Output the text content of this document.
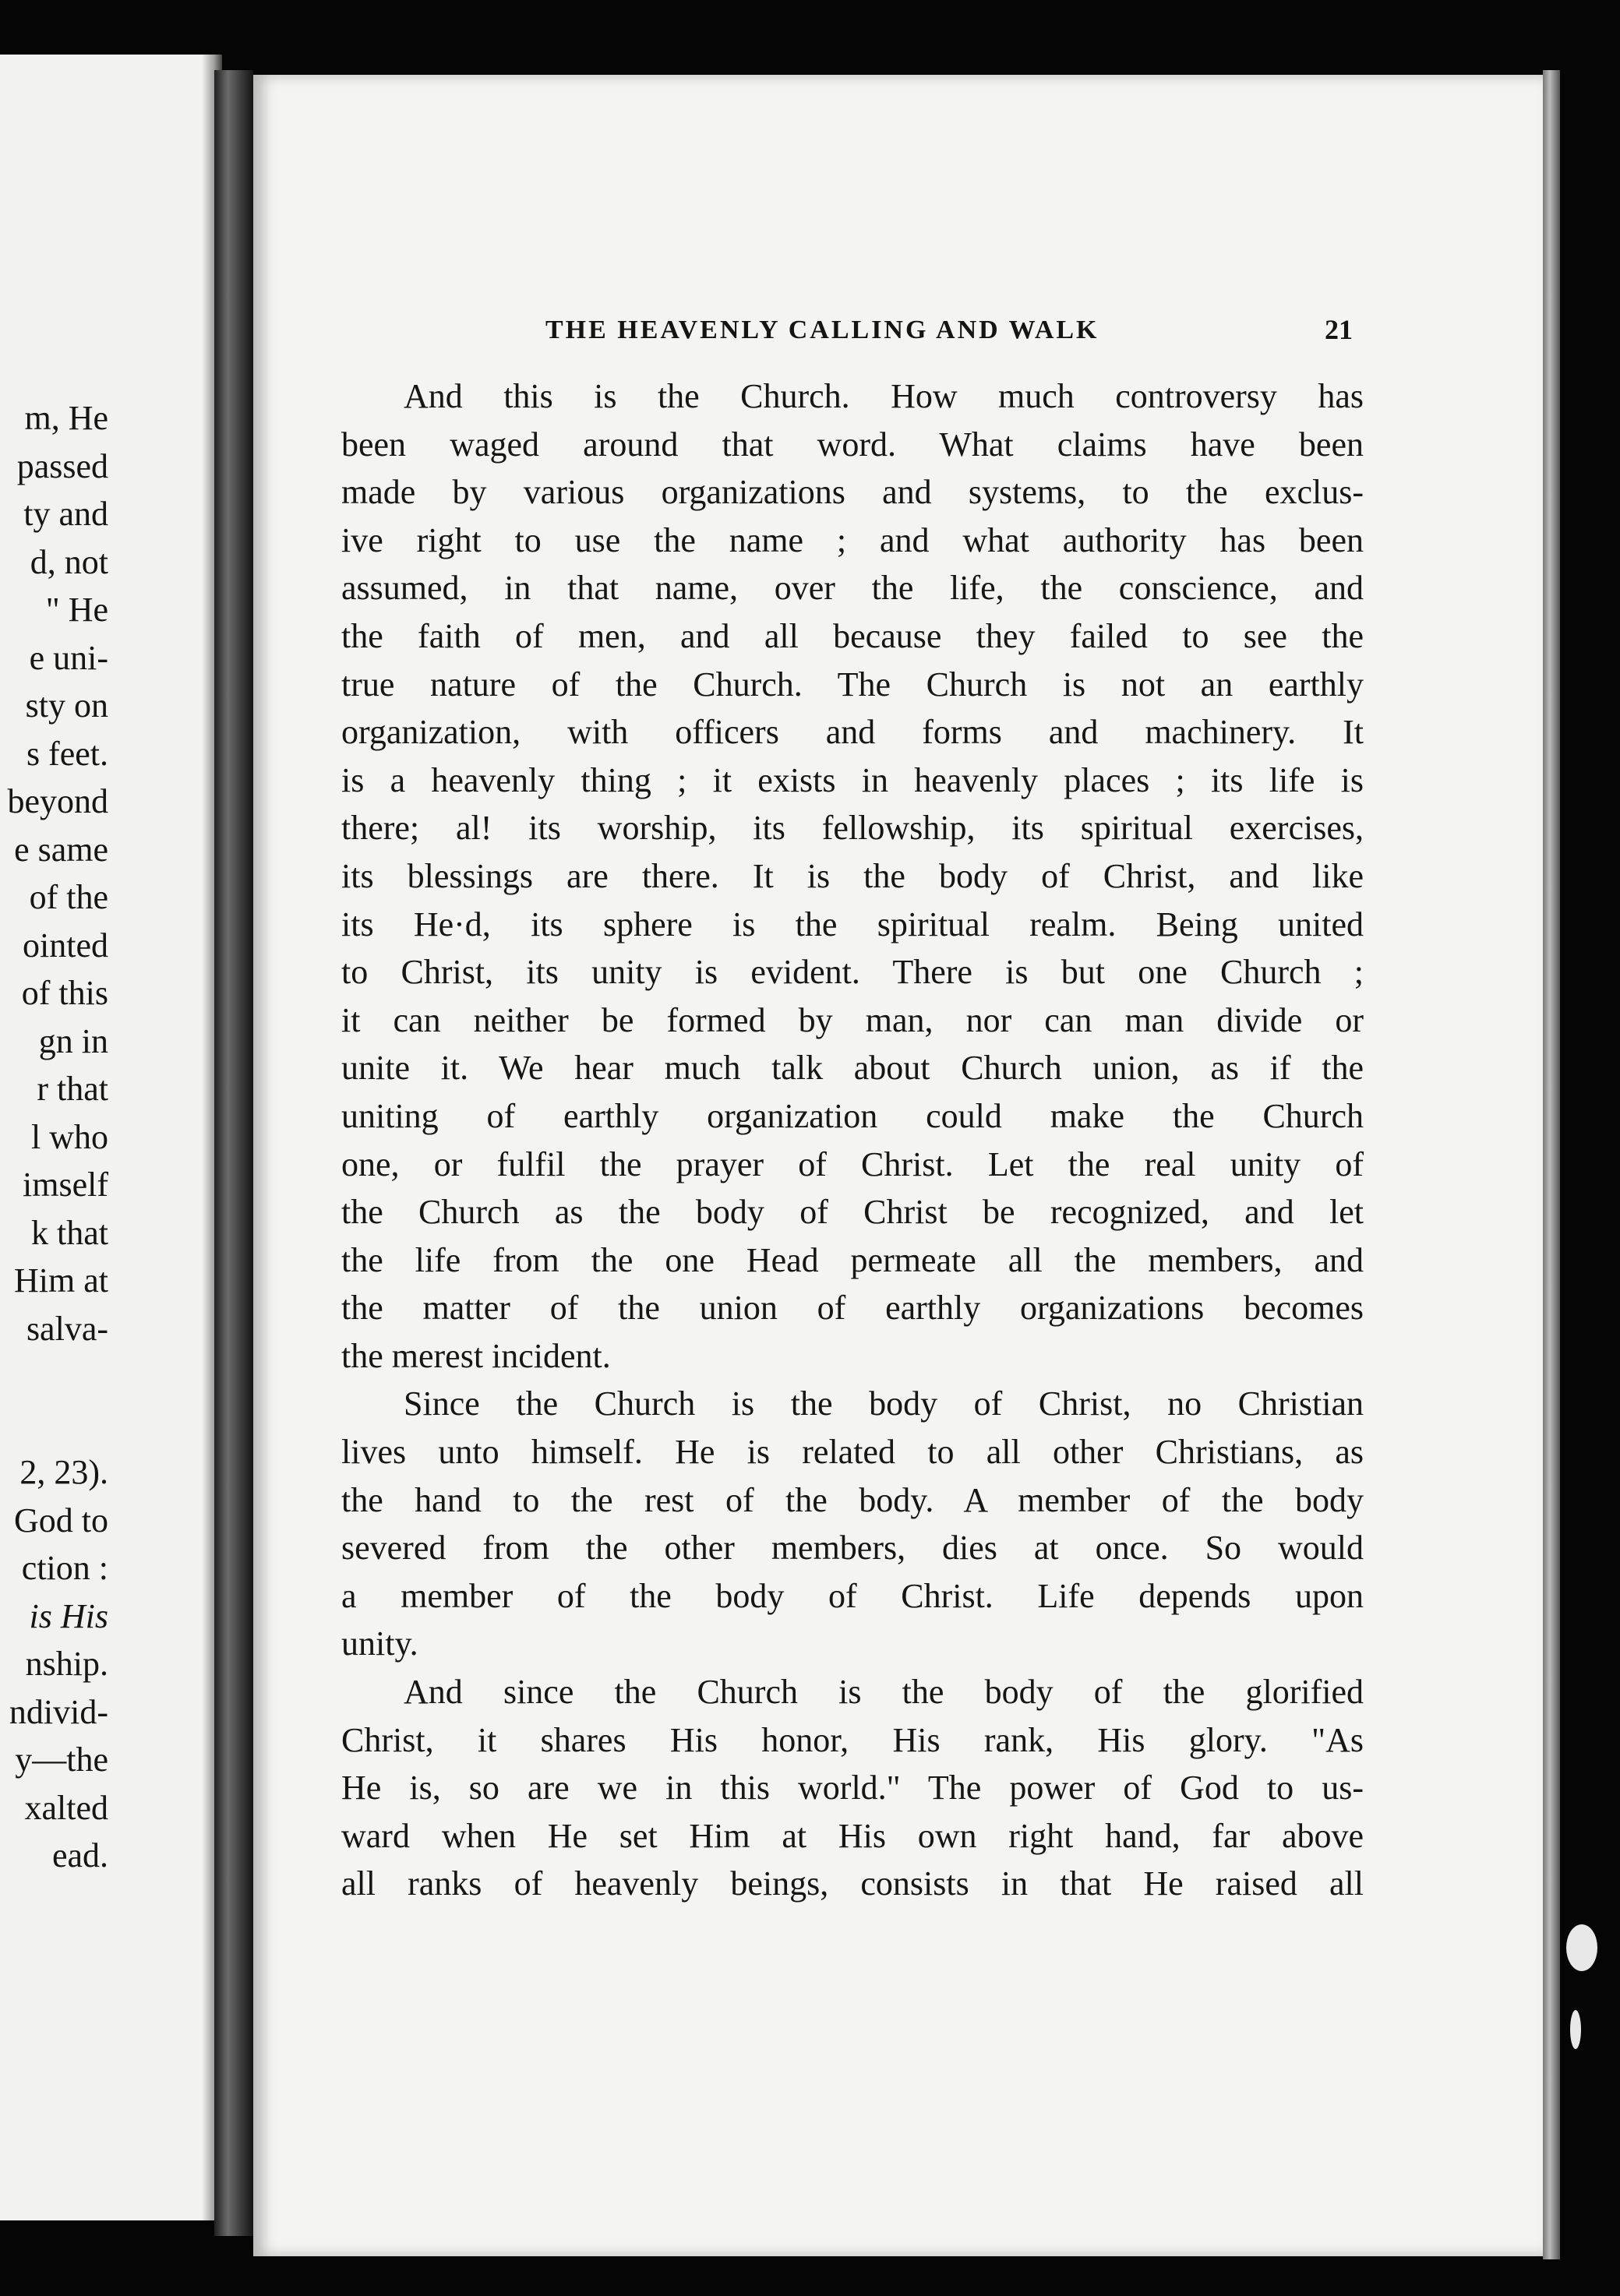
m, He
passed
ty and
d, not
" He
e uni-
sty on
s feet.
beyond
e same
of the
ointed
of this
gn in
r that
l who
imself
k that
Him at
salva-
2, 23).
God to
ction :
is His
nship.
ndivid-
y—the
xalted
ead.
THE HEAVENLY CALLING AND WALK	21
And this is the Church. How much controversy has
been waged around that word. What claims have been
made by various organizations and systems, to the exclus-
ive right to use the name ; and what authority has been
assumed, in that name, over the life, the conscience, and
the faith of men, and all because they failed to see the
true nature of the Church. The Church is not an earthly
organization, with officers and forms and machinery. It
is a heavenly thing ; it exists in heavenly places ; its life is
there; al! its worship, its fellowship, its spiritual exercises,
its blessings are there. It is the body of Christ, and like
its He·d, its sphere is the spiritual realm. Being united
to Christ, its unity is evident. There is but one Church ;
it can neither be formed by man, nor can man divide or
unite it. We hear much talk about Church union, as if the
uniting of earthly organization could make the Church
one, or fulfil the prayer of Christ. Let the real unity of
the Church as the body of Christ be recognized, and let
the life from the one Head permeate all the members, and
the matter of the union of earthly organizations becomes
the merest incident.
Since the Church is the body of Christ, no Christian
lives unto himself. He is related to all other Christians, as
the hand to the rest of the body. A member of the body
severed from the other members, dies at once. So would
a member of the body of Christ. Life depends upon
unity.
And since the Church is the body of the glorified
Christ, it shares His honor, His rank, His glory. "As
He is, so are we in this world." The power of God to us-
ward when He set Him at His own right hand, far above
all ranks of heavenly beings, consists in that He raised all
